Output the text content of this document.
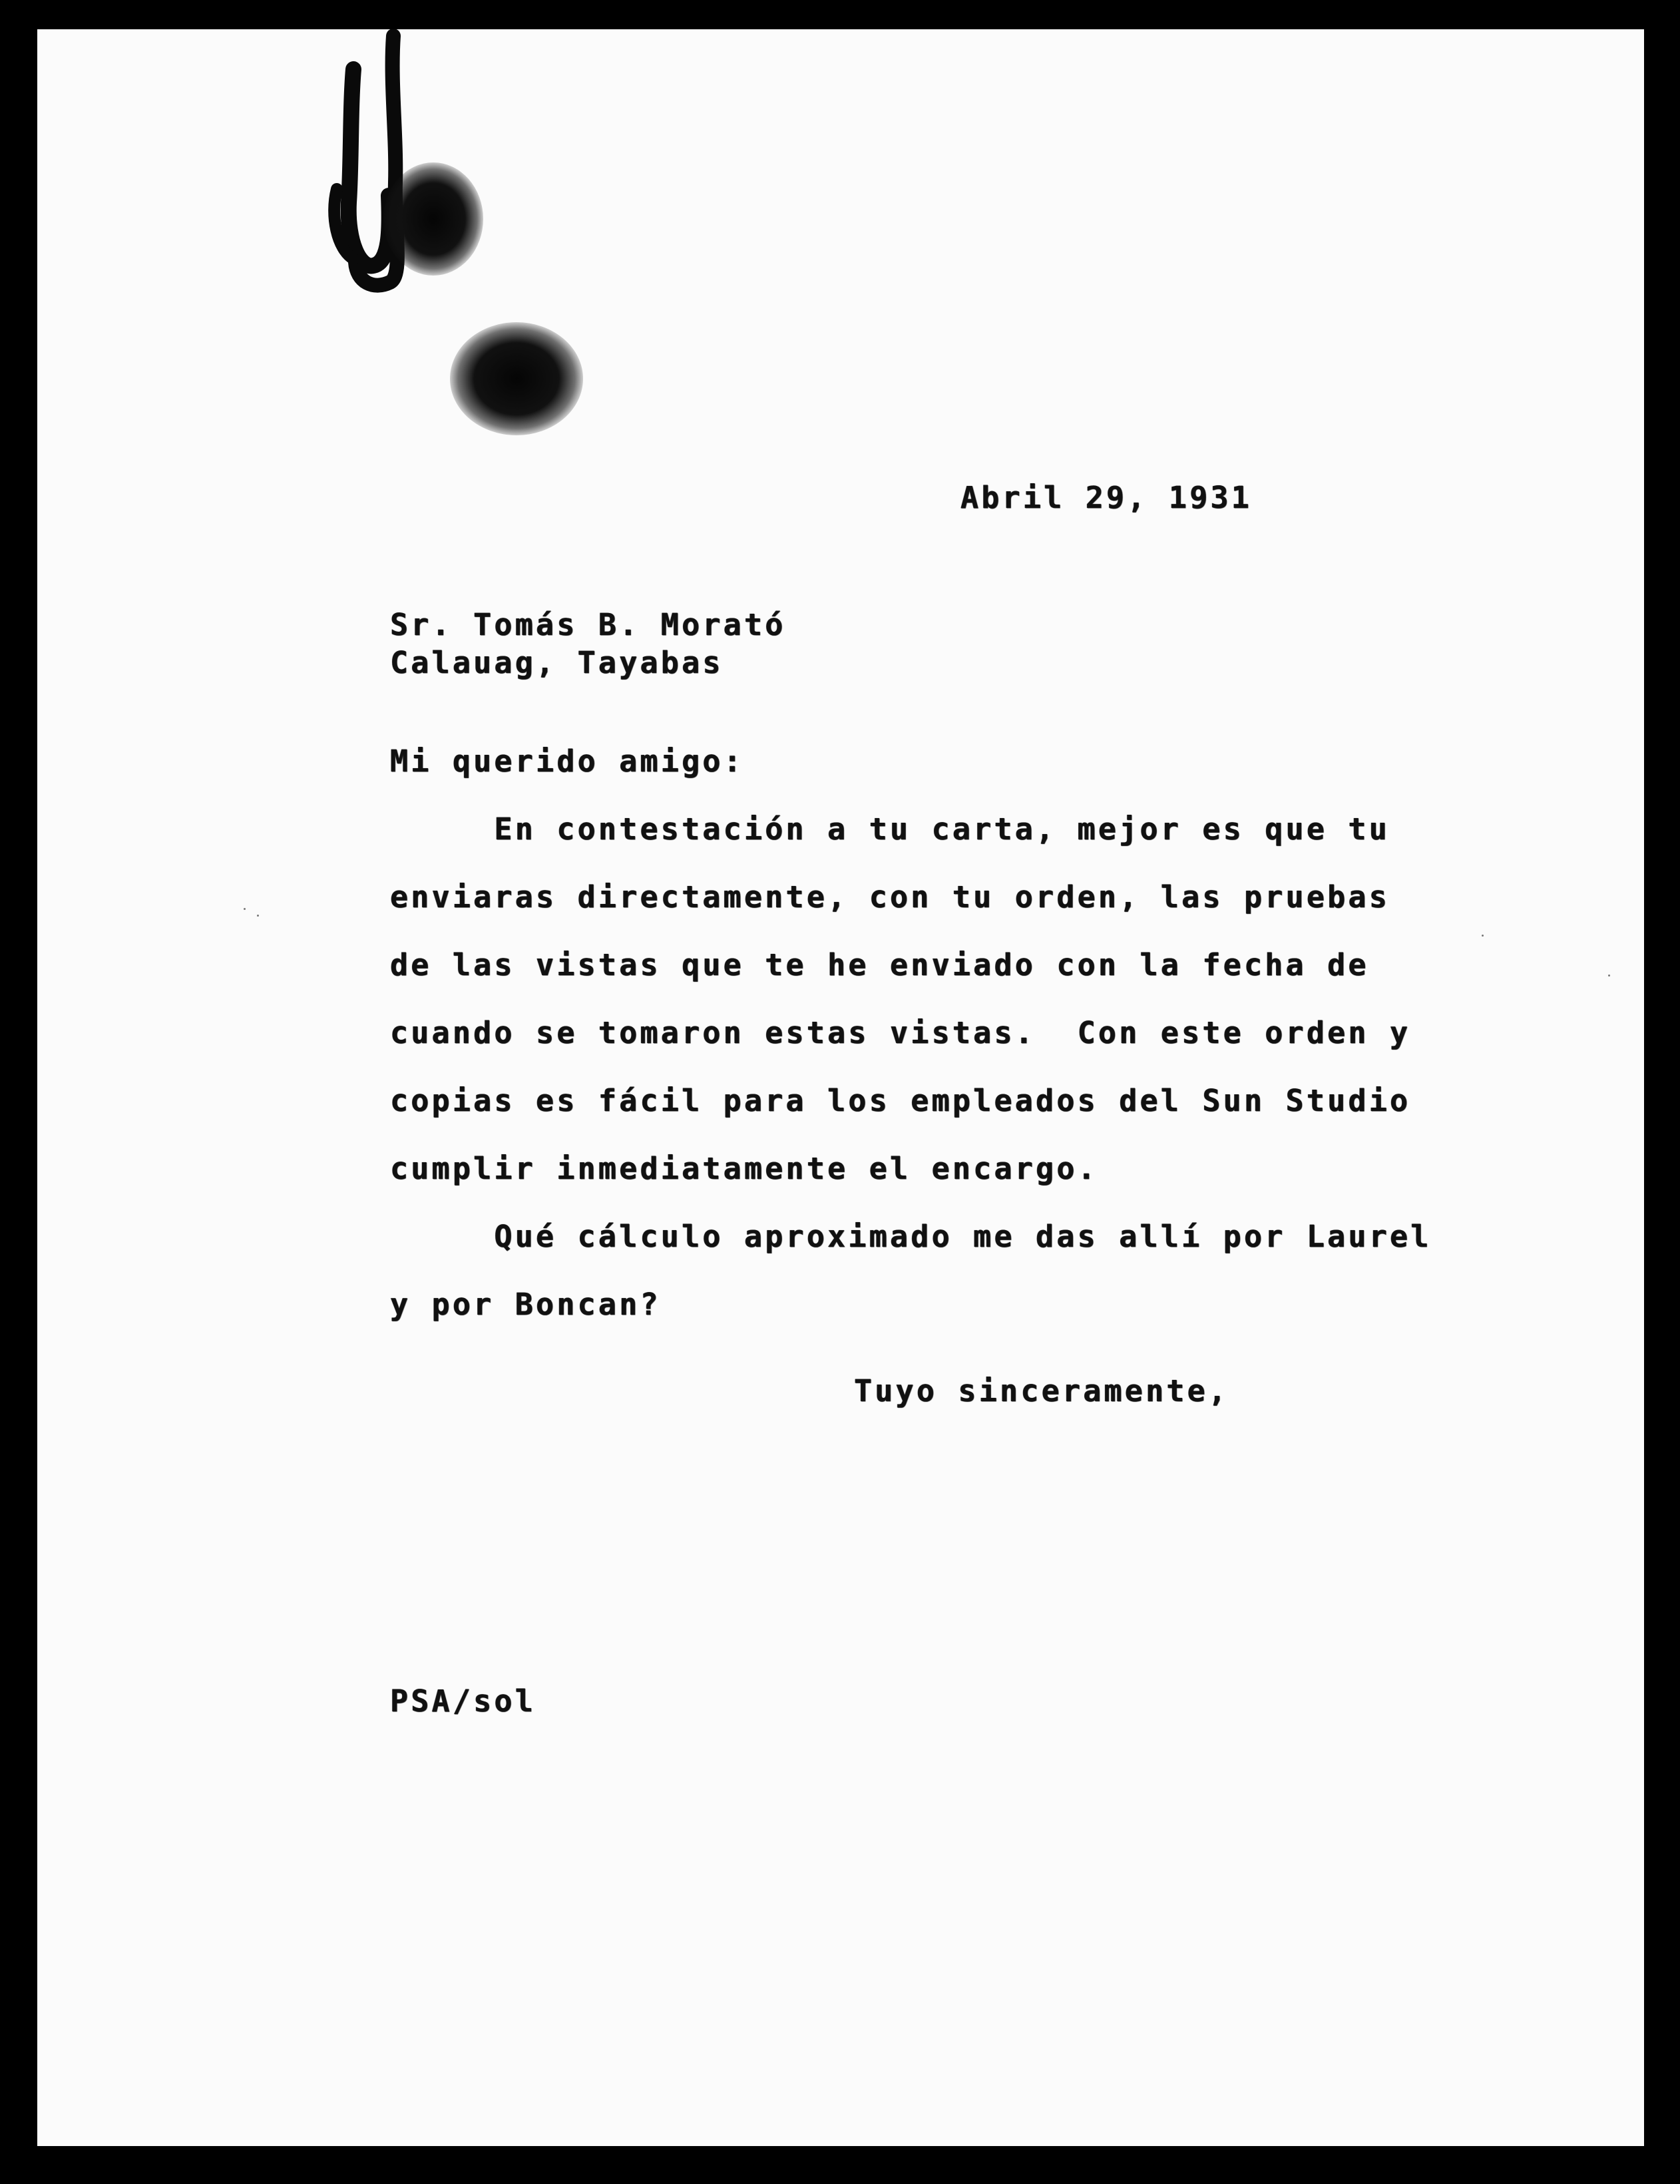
Abril 29, 1931

Sr. Tomás B. Morató

Calauag, Tayabas

Mi querido amigo:

En contestación a tu carta, mejor es que tu

enviaras directamente, con tu orden, las pruebas

de las vistas que te he enviado con la fecha de

cuando se tomaron estas vistas.  Con este orden y

copias es fácil para los empleados del Sun Studio

cumplir inmediatamente el encargo.

Qué cálculo aproximado me das allí por Laurel

y por Boncan?

Tuyo sinceramente,

PSA/sol
